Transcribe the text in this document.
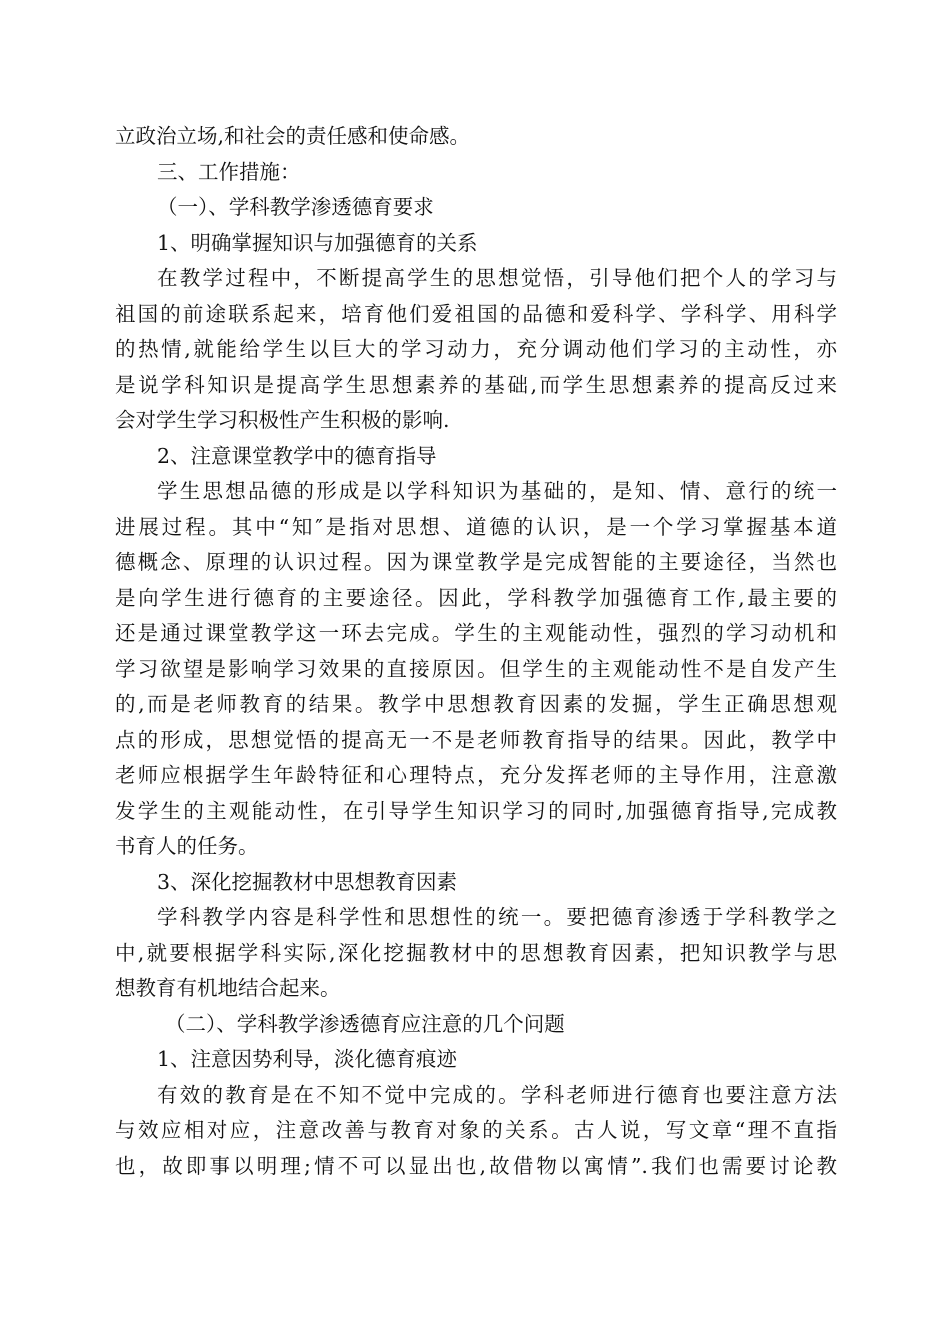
立政治立场,和社会的责任感和使命感。
三、工作措施：
（一）、学科教学渗透德育要求
1、明确掌握知识与加强德育的关系
在教学过程中，不断提高学生的思想觉悟，引导他们把个人的学习与
祖国的前途联系起来，培育他们爱祖国的品德和爱科学、学科学、用科学
的热情,就能给学生以巨大的学习动力，充分调动他们学习的主动性，亦
是说学科知识是提高学生思想素养的基础,而学生思想素养的提高反过来
会对学生学习积极性产生积极的影响.
2、注意课堂教学中的德育指导
学生思想品德的形成是以学科知识为基础的，是知、情、意行的统一
进展过程。其中“知″是指对思想、道德的认识，是一个学习掌握基本道
德概念、原理的认识过程。因为课堂教学是完成智能的主要途径，当然也
是向学生进行德育的主要途径。因此，学科教学加强德育工作,最主要的
还是通过课堂教学这一环去完成。学生的主观能动性，强烈的学习动机和
学习欲望是影响学习效果的直接原因。但学生的主观能动性不是自发产生
的,而是老师教育的结果。教学中思想教育因素的发掘，学生正确思想观
点的形成，思想觉悟的提高无一不是老师教育指导的结果。因此，教学中
老师应根据学生年龄特征和心理特点，充分发挥老师的主导作用，注意激
发学生的主观能动性，在引导学生知识学习的同时,加强德育指导,完成教
书育人的任务。
3、深化挖掘教材中思想教育因素
学科教学内容是科学性和思想性的统一。要把德育渗透于学科教学之
中,就要根据学科实际,深化挖掘教材中的思想教育因素，把知识教学与思
想教育有机地结合起来。
（二）、学科教学渗透德育应注意的几个问题
1、注意因势利导，淡化德育痕迹
有效的教育是在不知不觉中完成的。学科老师进行德育也要注意方法
与效应相对应，注意改善与教育对象的关系。古人说，写文章“理不直指
也，故即事以明理;情不可以显出也,故借物以寓情”.我们也需要讨论教
